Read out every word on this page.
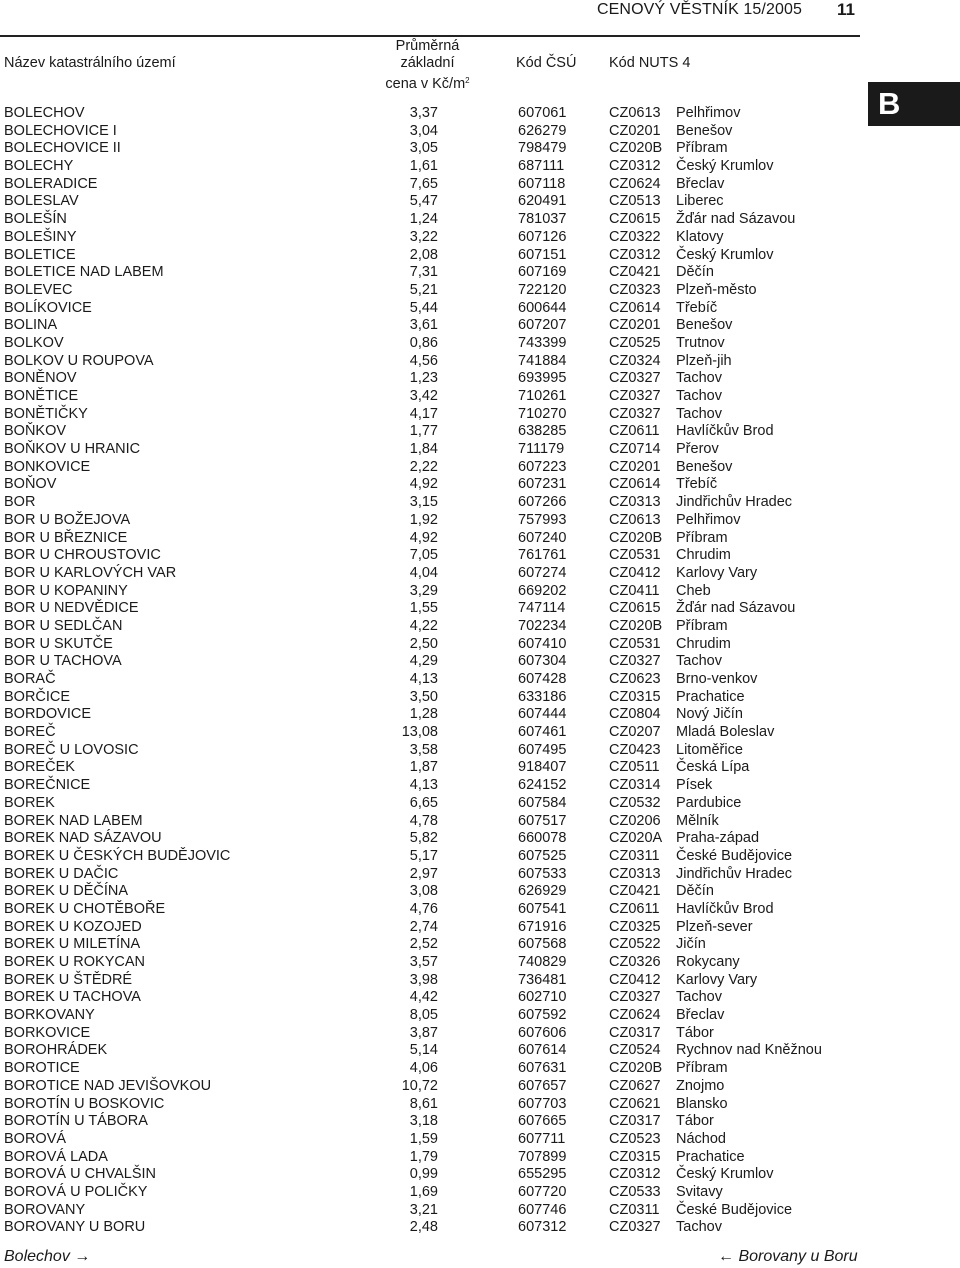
CENOVÝ VĚSTNÍK 15/2005 11
Název katastrálního území
Průměrná
základní
cena v $Kč/m^2$
Kód ČSÚ Kód NUTS 4
B
BOLECHOV	3,37	607061	CZ0613 Pelhřimov
BOLECHOVICE I	3,04	626279	CZ0201 Benešov
BOLECHOVICE II	3,05	798479	CZ020B Příbram
BOLECHY	1,61	687111	CZ0312 Český Krumlov
BOLERADICE	7,65	607118	CZ0624 Břeclav
BOLESLAV	5,47	620491	CZ0513 Liberec
BOLEŠÍN	1,24	781037	CZ0615 Žďár nad Sázavou
BOLEŠINY	3,22	607126	CZ0322 Klatovy
BOLETICE	2,08	607151	CZ0312 Český Krumlov
BOLETICE NAD LABEM	7,31	607169	CZ0421 Děčín
BOLEVEC	5,21	722120	CZ0323 Plzeň-město
BOLÍKOVICE	5,44	600644	CZ0614 Třebíč
BOLINA	3,61	607207	CZ0201 Benešov
BOLKOV	0,86	743399	CZ0525 Trutnov
BOLKOV U ROUPOVA	4,56	741884	CZ0324 Plzeň-jih
BONĚNOV	1,23	693995	CZ0327 Tachov
BONĚTICE	3,42	710261	CZ0327 Tachov
BONĚTIČKY	4,17	710270	CZ0327 Tachov
BOŇKOV	1,77	638285	CZ0611 Havlíčkův Brod
BOŇKOV U HRANIC	1,84	711179	CZ0714 Přerov
BONKOVICE	2,22	607223	CZ0201 Benešov
BOŇOV	4,92	607231	CZ0614 Třebíč
BOR	3,15	607266	CZ0313 Jindřichův Hradec
BOR U BOŽEJOVA	1,92	757993	CZ0613 Pelhřimov
BOR U BŘEZNICE	4,92	607240	CZ020B Příbram
BOR U CHROUSTOVIC	7,05	761761	CZ0531 Chrudim
BOR U KARLOVÝCH VAR	4,04	607274	CZ0412 Karlovy Vary
BOR U KOPANINY	3,29	669202	CZ0411 Cheb
BOR U NEDVĚDICE	1,55	747114	CZ0615 Žďár nad Sázavou
BOR U SEDLČAN	4,22	702234	CZ020B Příbram
BOR U SKUTČE	2,50	607410	CZ0531 Chrudim
BOR U TACHOVA	4,29	607304	CZ0327 Tachov
BORAČ	4,13	607428	CZ0623 Brno-venkov
BORČICE	3,50	633186	CZ0315 Prachatice
BORDOVICE	1,28	607444	CZ0804 Nový Jičín
BOREČ	13,08	607461	CZ0207 Mladá Boleslav
BOREČ U LOVOSIC	3,58	607495	CZ0423 Litoměřice
BOREČEK	1,87	918407	CZ0511 Česká Lípa
BOREČNICE	4,13	624152	CZ0314 Písek
BOREK	6,65	607584	CZ0532 Pardubice
BOREK NAD LABEM	4,78	607517	CZ0206 Mělník
BOREK NAD SÁZAVOU	5,82	660078	CZ020A Praha-západ
BOREK U ČESKÝCH BUDĚJOVIC	5,17	607525	CZ0311 České Budějovice
BOREK U DAČIC	2,97	607533	CZ0313 Jindřichův Hradec
BOREK U DĚČÍNA	3,08	626929	CZ0421 Děčín
BOREK U CHOTĚBOŘE	4,76	607541	CZ0611 Havlíčkův Brod
BOREK U KOZOJED	2,74	671916	CZ0325 Plzeň-sever
BOREK U MILETÍNA	2,52	607568	CZ0522 Jičín
BOREK U ROKYCAN	3,57	740829	CZ0326 Rokycany
BOREK U ŠTĚDRÉ	3,98	736481	CZ0412 Karlovy Vary
BOREK U TACHOVA	4,42	602710	CZ0327 Tachov
BORKOVANY	8,05	607592	CZ0624 Břeclav
BORKOVICE	3,87	607606	CZ0317 Tábor
BOROHRÁDEK	5,14	607614	CZ0524 Rychnov nad Kněžnou
BOROTICE	4,06	607631	CZ020B Příbram
BOROTICE NAD JEVIŠOVKOU	10,72	607657	CZ0627 Znojmo
BOROTÍN U BOSKOVIC	8,61	607703	CZ0621 Blansko
BOROTÍN U TÁBORA	3,18	607665	CZ0317 Tábor
BOROVÁ	1,59	607711	CZ0523 Náchod
BOROVÁ LADA	1,79	707899	CZ0315 Prachatice
BOROVÁ U CHVALŠIN	0,99	655295	CZ0312 Český Krumlov
BOROVÁ U POLIČKY	1,69	607720	CZ0533 Svitavy
BOROVANY	3,21	607746	CZ0311 České Budějovice
BOROVANY U BORU	2,48	607312	CZ0327 Tachov
Bolechov →	← Borovany u Boru
